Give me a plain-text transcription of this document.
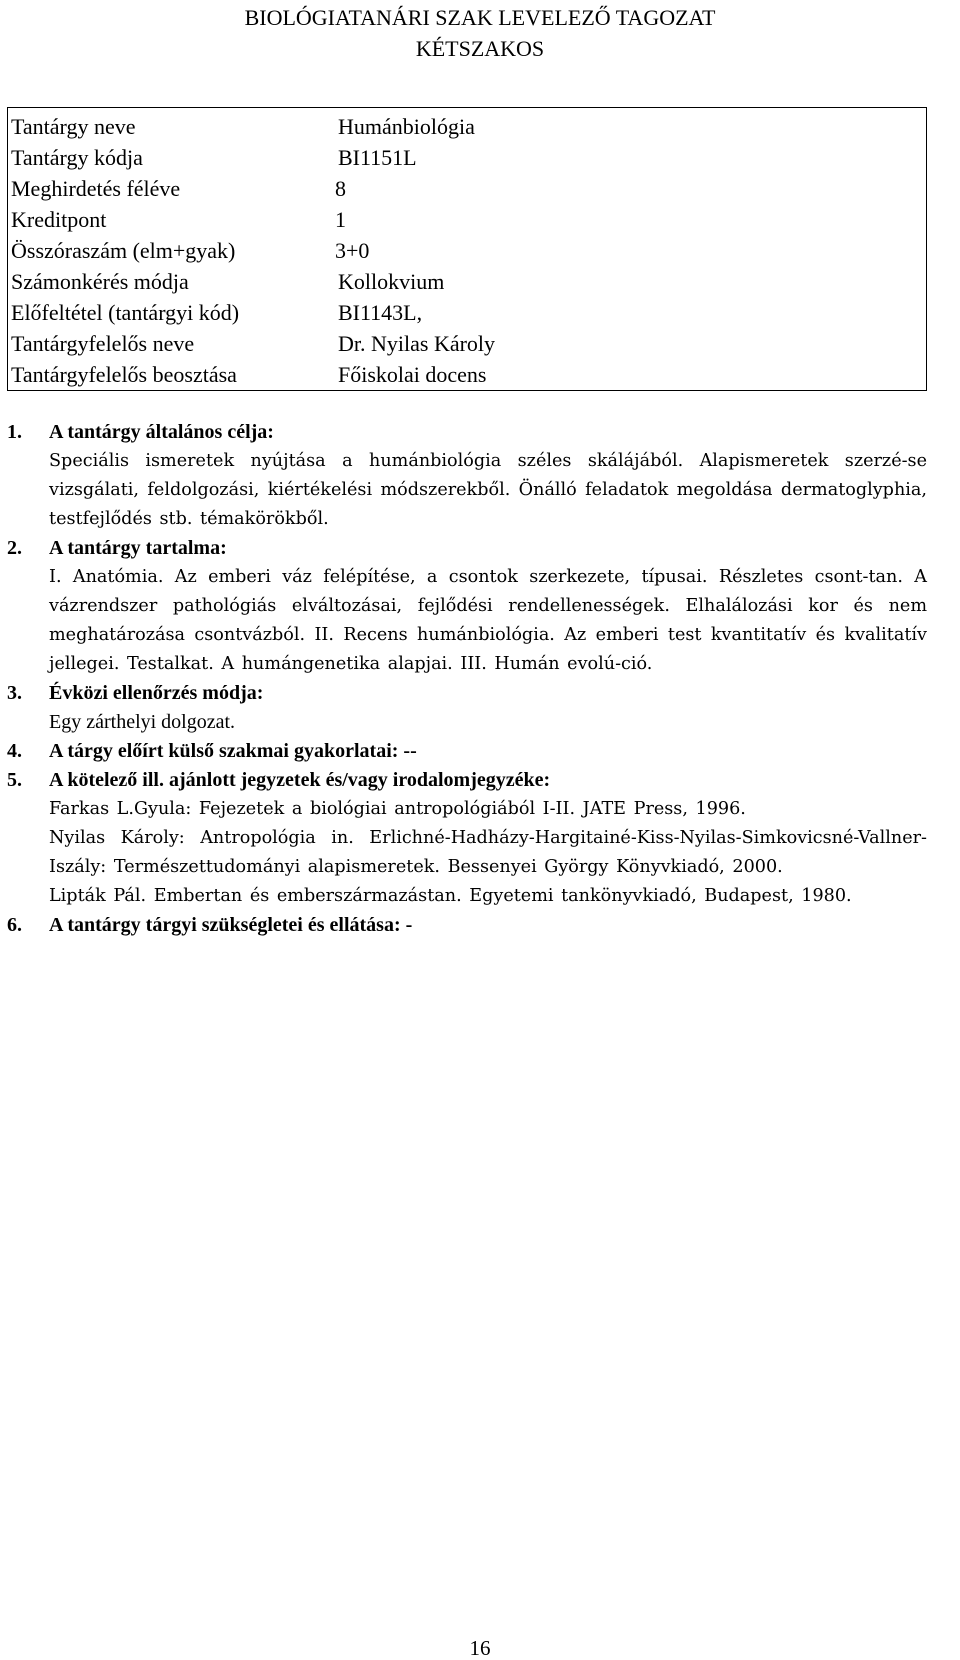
BIOLÓGIATANÁRI SZAK LEVELEZŐ TAGOZAT
KÉTSZAKOS
Tantárgy neve	Humánbiológia
Tantárgy kódja	BI1151L
Meghirdetés féléve	8
Kreditpont	1
Összóraszám (elm+gyak)	3+0
Számonkérés módja	Kollokvium
Előfeltétel (tantárgyi kód)	BI1143L,
Tantárgyfelelős neve	Dr. Nyilas Károly
Tantárgyfelelős beosztása	Főiskolai docens
1. A tantárgy általános célja:

Speciális ismeretek nyújtása a humánbiológia széles skálájából. Alapismeretek szerzé-se vizsgálati, feldolgozási, kiértékelési módszerekből. Önálló feladatok megoldása dermatoglyphia, testfejlődés stb. témakörökből.

2. A tantárgy tartalma:

I. Anatómia. Az emberi váz felépítése, a csontok szerkezete, típusai. Részletes csont-tan. A vázrendszer pathológiás elváltozásai, fejlődési rendellenességek. Elhalálozási kor és nem meghatározása csontvázból. II. Recens humánbiológia. Az emberi test kvantitatív és kvalitatív jellegei. Testalkat. A humángenetika alapjai. III. Humán evolú-ció.

3. Évközi ellenőrzés módja:

Egy zárthelyi dolgozat.

4. A tárgy előírt külső szakmai gyakorlatai: --
5. A kötelező ill. ajánlott jegyzetek és/vagy irodalomjegyzéke:

Farkas L.Gyula: Fejezetek a biológiai antropológiából I-II. JATE Press, 1996.

Nyilas Károly: Antropológia in. Erlichné-Hadházy-Hargitainé-Kiss-Nyilas-Simkovicsné-Vallner-Iszály: Természettudományi alapismeretek. Bessenyei György Könyvkiadó, 2000.

Lipták Pál. Embertan és emberszármazástan. Egyetemi tankönyvkiadó, Budapest, 1980.

6. A tantárgy tárgyi szükségletei és ellátása: -
16
